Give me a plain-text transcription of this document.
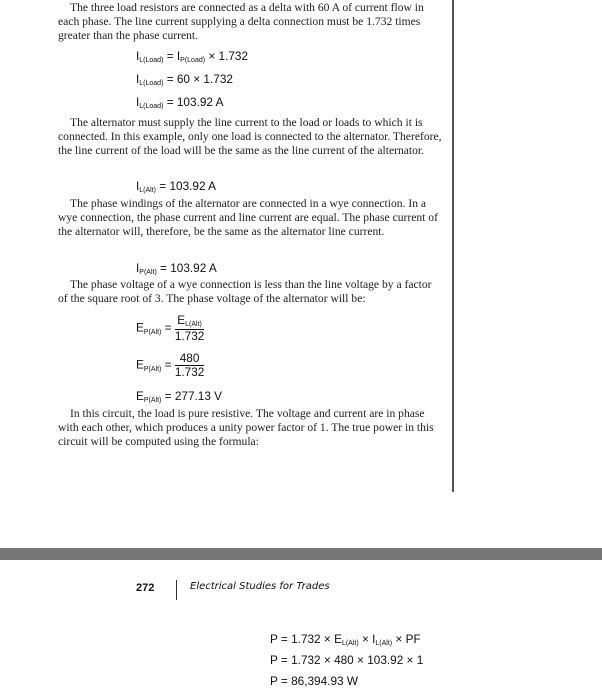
The three load resistors are connected as a delta with 60 A of current flow in each phase. The line current supplying a delta connection must be 1.732 times greater than the phase current.

IL(Load) = IP(Load) × 1.732
IL(Load) = 60 × 1.732
IL(Load) = 103.92 A

The alternator must supply the line current to the load or loads to which it is connected. In this example, only one load is connected to the alternator. Therefore, the line current of the load will be the same as the line current of the alternator.

IL(Alt) = 103.92 A

The phase windings of the alternator are connected in a wye connection. In a wye connection, the phase current and line current are equal. The phase current of the alternator will, therefore, be the same as the alternator line current.

IP(Alt) = 103.92 A

The phase voltage of a wye connection is less than the line voltage by a factor of the square root of 3. The phase voltage of the alternator will be:

$EP(Alt) = \frac{\text{EL(Alt)}}{1.732}$
$EP(Alt) = \frac{480}{1.732}$
EP(Alt) = 277.13 V

In this circuit, the load is pure resistive. The voltage and current are in phase with each other, which produces a unity power factor of 1. The true power in this circuit will be computed using the formula:

272	Electrical Studies for Trades
P = 1.732 × EL(Alt) × IL(Alt) × PF
P = 1.732 × 480 × 103.92 × 1
P = 86,394.93 W
